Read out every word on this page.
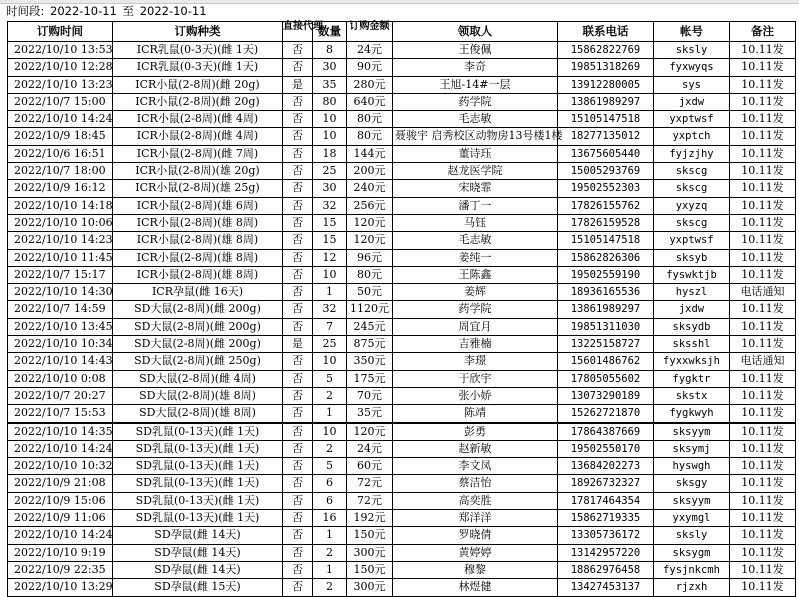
时间段: 2022-10-11 至 2022-10-11
订购时间	订购种类	直接代理	数量	订购金额	领取人	联系电话	帐号	备注
2022/10/10 13:53	ICR乳鼠(0-3天)(雌 1天)	否	8	24元	王俊佩	15862822769	sksly	10.11发
2022/10/10 12:28	ICR乳鼠(0-3天)(雌 1天)	否	30	90元	李奇	19851318269	fyxwyqs	10.11发
2022/10/10 13:23	ICR小鼠(2-8周)(雌 20g)	是	35	280元	王旭-14#一层	13912280005	sys	10.11发
2022/10/7 15:00	ICR小鼠(2-8周)(雌 20g)	否	80	640元	药学院	13861989297	jxdw	10.11发
2022/10/10 14:24	ICR小鼠(2-8周)(雌 4周)	否	10	80元	毛志敏	15105147518	yxptwsf	10.11发
2022/10/9 18:45	ICR小鼠(2-8周)(雌 4周)	否	10	80元	聂骏宇 启秀校区动物房13号楼1楼	18277135012	yxptch	10.11发
2022/10/6 16:51	ICR小鼠(2-8周)(雌 7周)	否	18	144元	董诗珏	13675605440	fyjzjhy	10.11发
2022/10/7 18:00	ICR小鼠(2-8周)(雄 20g)	否	25	200元	赵龙医学院	15005293769	skscg	10.11发
2022/10/9 16:12	ICR小鼠(2-8周)(雄 25g)	否	30	240元	宋晓霏	19502552303	skscg	10.11发
2022/10/10 14:18	ICR小鼠(2-8周)(雄 6周)	否	32	256元	潘丁一	17826155762	yxyzq	10.11发
2022/10/10 10:06	ICR小鼠(2-8周)(雄 8周)	否	15	120元	马钰	17826159528	skscg	10.11发
2022/10/10 14:23	ICR小鼠(2-8周)(雄 8周)	否	15	120元	毛志敏	15105147518	yxptwsf	10.11发
2022/10/10 11:45	ICR小鼠(2-8周)(雄 8周)	否	12	96元	姜纯一	15862826306	sksyb	10.11发
2022/10/7 15:17	ICR小鼠(2-8周)(雄 8周)	否	10	80元	王陈鑫	19502559190	fyswktjb	10.11发
2022/10/10 14:30	ICR孕鼠(雌 16天)	否	1	50元	姜辉	18936165536	hyszl	电话通知
2022/10/7 14:59	SD大鼠(2-8周)(雌 200g)	否	32	1120元	药学院	13861989297	jxdw	10.11发
2022/10/10 13:45	SD大鼠(2-8周)(雌 200g)	否	7	245元	周宜月	19851311030	sksydb	10.11发
2022/10/10 10:34	SD大鼠(2-8周)(雌 200g)	是	25	875元	吉雅楠	13225158727	sksshl	10.11发
2022/10/10 14:43	SD大鼠(2-8周)(雌 250g)	否	10	350元	李璟	15601486762	fyxxwksjh	电话通知
2022/10/10 0:08	SD大鼠(2-8周)(雌 4周)	否	5	175元	于欣宇	17805055602	fygktr	10.11发
2022/10/7 20:27	SD大鼠(2-8周)(雄 8周)	否	2	70元	张小娇	13073290189	skstx	10.11发
2022/10/7 15:53	SD大鼠(2-8周)(雄 8周)	否	1	35元	陈靖	15262721870	fygkwyh	10.11发
2022/10/10 14:35	SD乳鼠(0-13天)(雌 1天)	否	10	120元	彭勇	17864387669	sksyym	10.11发
2022/10/10 14:24	SD乳鼠(0-13天)(雌 1天)	否	2	24元	赵新敏	19502550170	sksymj	10.11发
2022/10/10 10:32	SD乳鼠(0-13天)(雌 1天)	否	5	60元	李文凤	13684202273	hyswgh	10.11发
2022/10/9 21:08	SD乳鼠(0-13天)(雌 1天)	否	6	72元	蔡洁怡	18926732327	sksgy	10.11发
2022/10/9 15:06	SD乳鼠(0-13天)(雌 1天)	否	6	72元	高奕胜	17817464354	sksyym	10.11发
2022/10/9 11:06	SD乳鼠(0-13天)(雌 1天)	否	16	192元	郑洋洋	15862719335	yxymgl	10.11发
2022/10/10 14:24	SD孕鼠(雌 14天)	否	1	150元	罗晓倩	13305736172	sksly	10.11发
2022/10/10 9:19	SD孕鼠(雌 14天)	否	2	300元	黄婷婷	13142957220	sksygm	10.11发
2022/10/9 22:35	SD孕鼠(雌 14天)	否	1	150元	穆黎	18862976458	fysjnkcmh	10.11发
2022/10/10 13:29	SD孕鼠(雌 15天)	否	2	300元	林煜健	13427453137	rjzxh	10.11发
